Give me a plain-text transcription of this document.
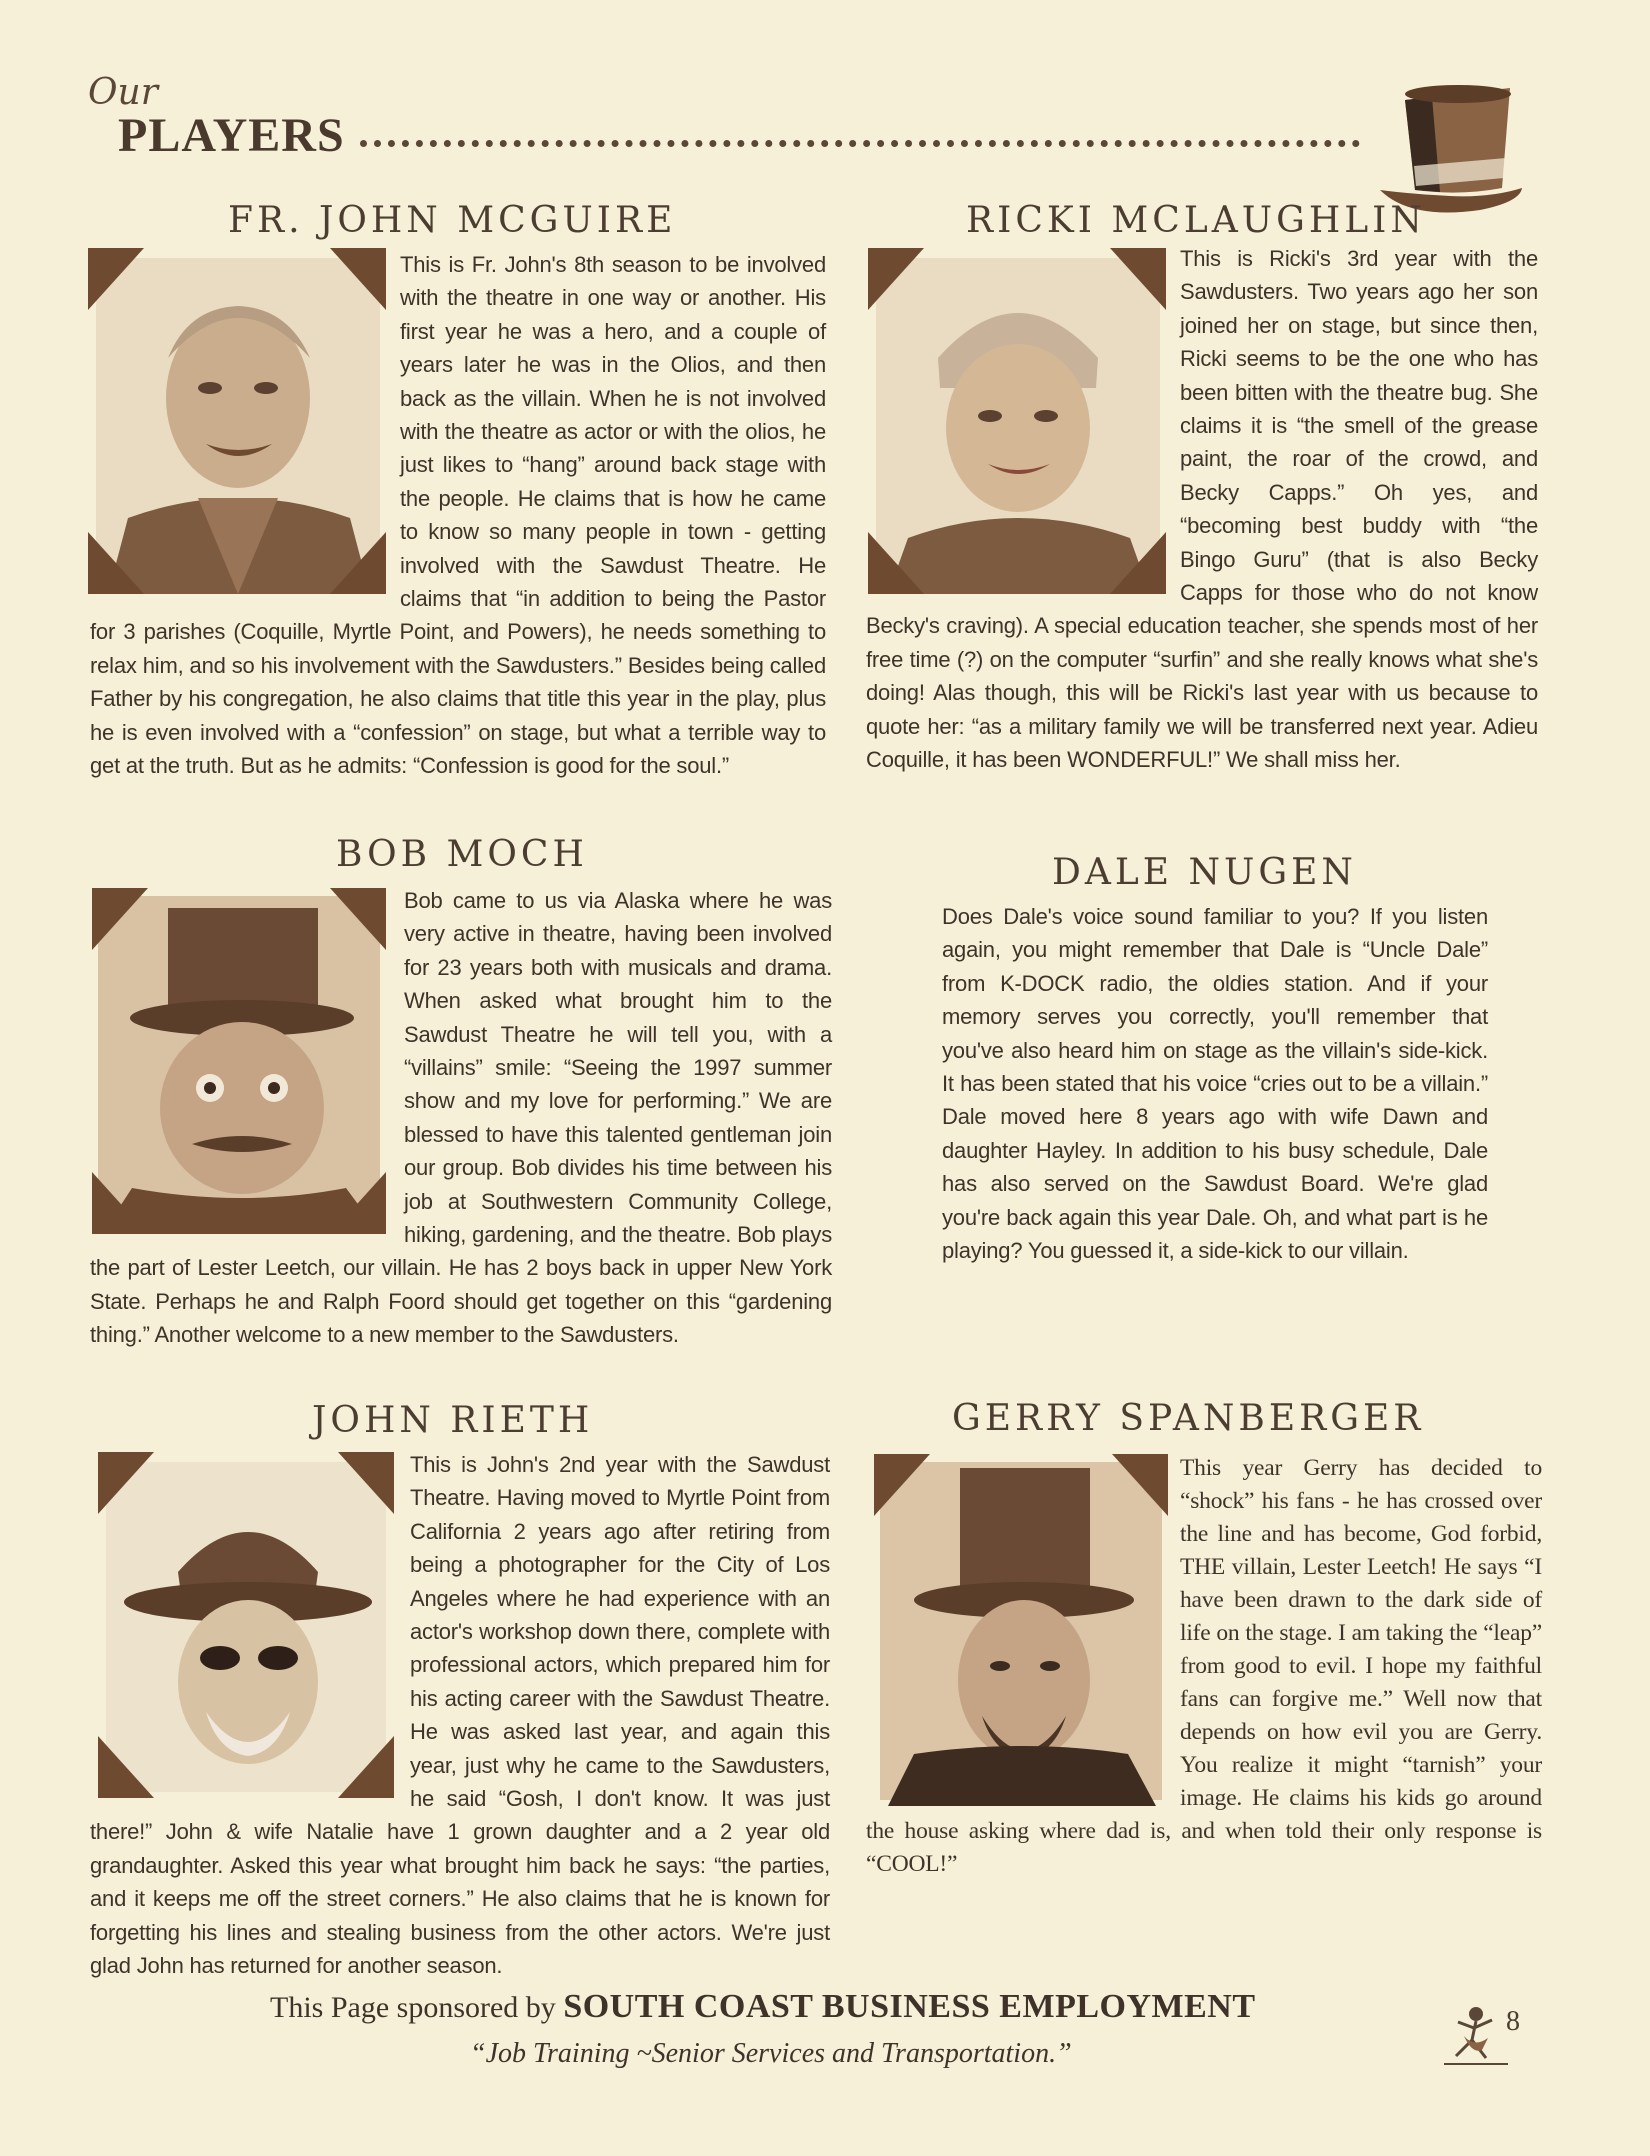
Our
PLAYERS
FR. JOHN MCGUIRE
This is Fr. John's 8th season to be involved with the theatre in one way or another. His first year he was a hero, and a couple of years later he was in the Olios, and then back as the villain. When he is not involved with the theatre as actor or with the olios, he just likes to “hang” around back stage with the people. He claims that is how he came to know so many people in town - getting involved with the Sawdust Theatre. He claims that “in addition to being the Pastor for 3 parishes (Coquille, Myrtle Point, and Powers), he needs something to relax him, and so his involvement with the Sawdusters.” Besides being called Father by his congregation, he also claims that title this year in the play, plus he is even involved with a “confession” on stage, but what a terrible way to get at the truth. But as he admits: “Confession is good for the soul.”
RICKI MCLAUGHLIN
This is Ricki's 3rd year with the Sawdusters. Two years ago her son joined her on stage, but since then, Ricki seems to be the one who has been bitten with the theatre bug. She claims it is “the smell of the grease paint, the roar of the crowd, and Becky Capps.” Oh yes, and “becoming best buddy with “the Bingo Guru” (that is also Becky Capps for those who do not know Becky's craving). A special education teacher, she spends most of her free time (?) on the computer “surfin” and she really knows what she's doing! Alas though, this will be Ricki's last year with us because to quote her: “as a military family we will be transferred next year. Adieu Coquille, it has been WONDERFUL!” We shall miss her.
BOB MOCH
Bob came to us via Alaska where he was very active in theatre, having been involved for 23 years both with musicals and drama. When asked what brought him to the Sawdust Theatre he will tell you, with a “villains” smile: “Seeing the 1997 summer show and my love for performing.” We are blessed to have this talented gentleman join our group. Bob divides his time between his job at Southwestern Community College, hiking, gardening, and the theatre. Bob plays the part of Lester Leetch, our villain. He has 2 boys back in upper New York State. Perhaps he and Ralph Foord should get together on this “gardening thing.” Another welcome to a new member to the Sawdusters.
DALE NUGEN
Does Dale's voice sound familiar to you? If you listen again, you might remember that Dale is “Uncle Dale” from K-DOCK radio, the oldies station. And if your memory serves you correctly, you'll remember that you've also heard him on stage as the villain's side-kick. It has been stated that his voice “cries out to be a villain.” Dale moved here 8 years ago with wife Dawn and daughter Hayley. In addition to his busy schedule, Dale has also served on the Sawdust Board. We're glad you're back again this year Dale. Oh, and what part is he playing? You guessed it, a side-kick to our villain.
JOHN RIETH
This is John's 2nd year with the Sawdust Theatre. Having moved to Myrtle Point from California 2 years ago after retiring from being a photographer for the City of Los Angeles where he had experience with an actor's workshop down there, complete with professional actors, which prepared him for his acting career with the Sawdust Theatre. He was asked last year, and again this year, just why he came to the Sawdusters, he said “Gosh, I don't know. It was just there!” John & wife Natalie have 1 grown daughter and a 2 year old grandaughter. Asked this year what brought him back he says: “the parties, and it keeps me off the street corners.” He also claims that he is known for forgetting his lines and stealing business from the other actors. We're just glad John has returned for another season.
GERRY SPANBERGER
This year Gerry has decided to “shock” his fans - he has crossed over the line and has become, God forbid, THE villain, Lester Leetch! He says “I have been drawn to the dark side of life on the stage. I am taking the “leap” from good to evil. I hope my faithful fans can forgive me.” Well now that depends on how evil you are Gerry. You realize it might “tarnish” your image. He claims his kids go around the house asking where dad is, and when told their only response is “COOL!”
This Page sponsored by SOUTH COAST BUSINESS EMPLOYMENT
“Job Training ~Senior Services and Transportation.”
8
